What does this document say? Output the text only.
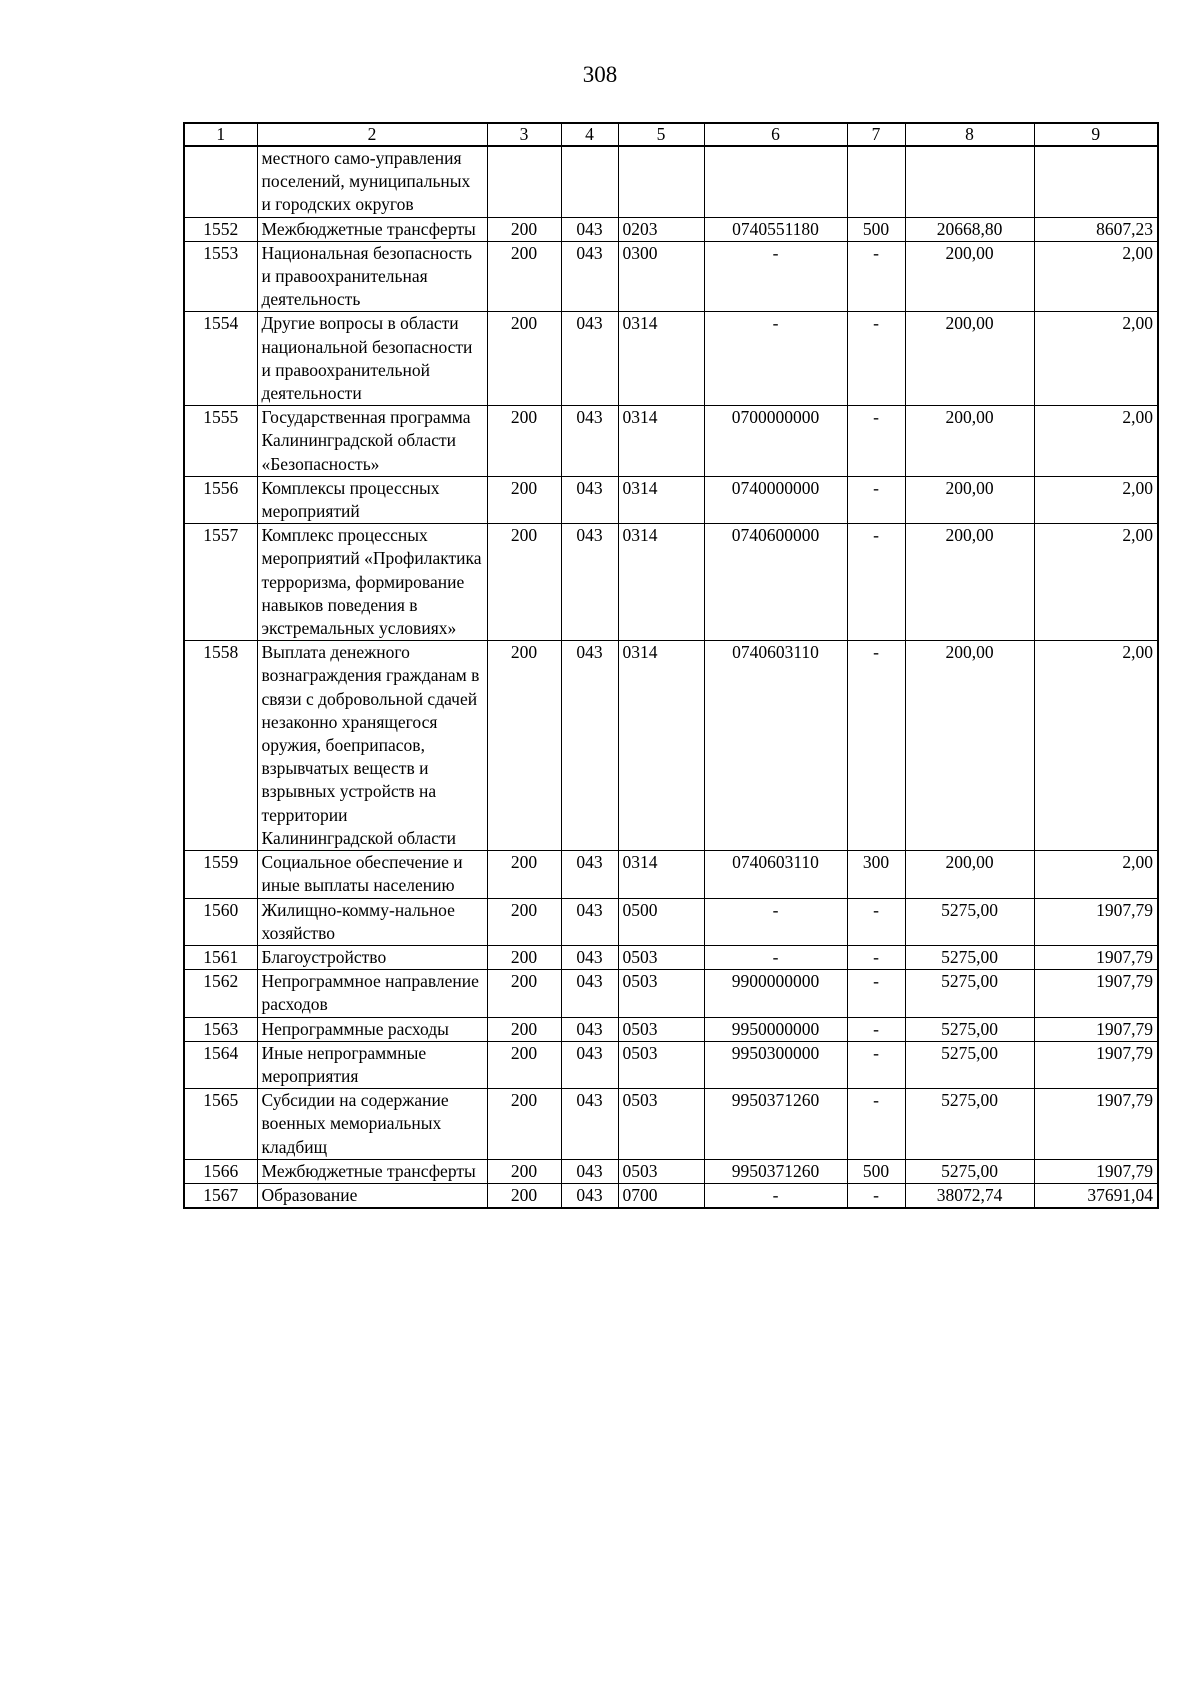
308
1	2	3	4	5	6	7	8	9
	местного само-управления поселений, муниципальных и городских округов							
1552	Межбюджетные трансферты	200	043	0203	0740551180	500	20668,80	8607,23
1553	Национальная безопасность и правоохранительная деятельность	200	043	0300	-	-	200,00	2,00
1554	Другие вопросы в области национальной безопасности и правоохранительной деятельности	200	043	0314	-	-	200,00	2,00
1555	Государственная программа Калининградской области «Безопасность»	200	043	0314	0700000000	-	200,00	2,00
1556	Комплексы процессных мероприятий	200	043	0314	0740000000	-	200,00	2,00
1557	Комплекс процессных мероприятий «Профилактика терроризма, формирование навыков поведения в экстремальных условиях»	200	043	0314	0740600000	-	200,00	2,00
1558	Выплата денежного вознаграждения гражданам в связи с добровольной сдачей незаконно хранящегося оружия, боеприпасов, взрывчатых веществ и взрывных устройств на территории Калининградской области	200	043	0314	0740603110	-	200,00	2,00
1559	Социальное обеспечение и иные выплаты населению	200	043	0314	0740603110	300	200,00	2,00
1560	Жилищно-комму-нальное хозяйство	200	043	0500	-	-	5275,00	1907,79
1561	Благоустройство	200	043	0503	-	-	5275,00	1907,79
1562	Непрограммное направление расходов	200	043	0503	9900000000	-	5275,00	1907,79
1563	Непрограммные расходы	200	043	0503	9950000000	-	5275,00	1907,79
1564	Иные непрограммные мероприятия	200	043	0503	9950300000	-	5275,00	1907,79
1565	Субсидии на содержание военных мемориальных кладбищ	200	043	0503	9950371260	-	5275,00	1907,79
1566	Межбюджетные трансферты	200	043	0503	9950371260	500	5275,00	1907,79
1567	Образование	200	043	0700	-	-	38072,74	37691,04
